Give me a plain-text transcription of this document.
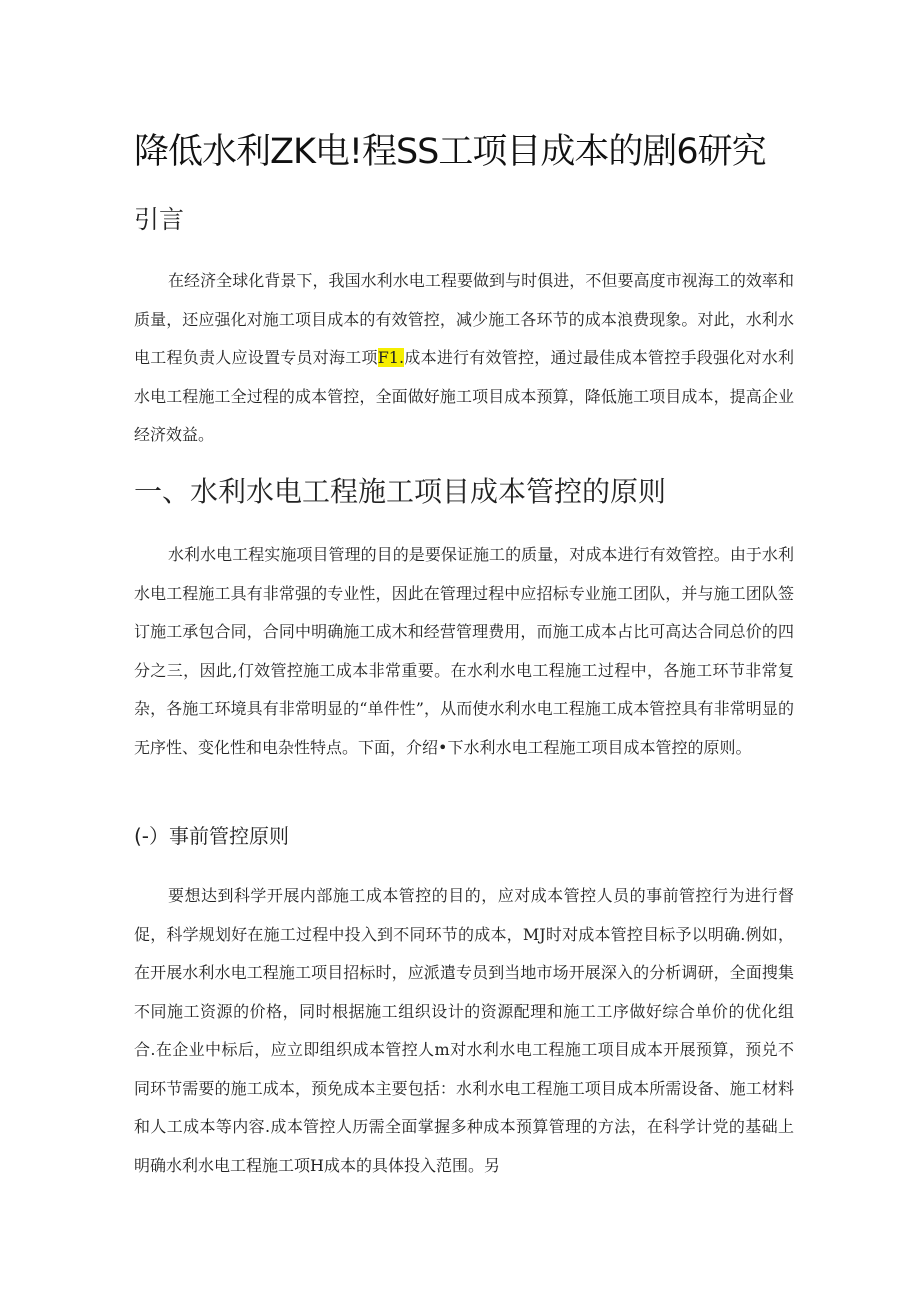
降低水利ZK电!程SS工项目成本的剧6研究
引言

在经济全球化背景下，我国水利水电工程要做到与时俱进，不但要高度市视海工的效率和质量，还应强化对施工项目成本的有效管控，减少施工各环节的成本浪费现象。对此，水利水电工程负责人应设置专员对海工项F1.成本进行有效管控，通过最佳成本管控手段强化对水利水电工程施工全过程的成本管控，全面做好施工项目成本预算，降低施工项目成本，提高企业经济效益。

一、水利水电工程施工项目成本管控的原则

水利水电工程实施项目管理的目的是要保证施工的质量，对成本进行有效管控。由于水利水电工程施工具有非常强的专业性，因此在管理过程中应招标专业施工团队，并与施工团队签订施工承包合同，合同中明确施工成木和经营管理费用，而施工成本占比可高达合同总价的四分之三，因此,仃效管控施工成本非常重要。在水利水电工程施工过程中，各施工环节非常复杂，各施工环境具有非常明显的“单件性”，从而使水利水电工程施工成本管控具有非常明显的无序性、变化性和电杂性特点。下面，介绍•下水利水电工程施工项目成本管控的原则。

(-）事前管控原则

要想达到科学开展内部施工成本管控的目的，应对成本管控人员的事前管控行为进行督促，科学规划好在施工过程中投入到不同环节的成本，MJ时对成本管控目标予以明确.例如，在开展水利水电工程施工项目招标时，应派遣专员到当地市场开展深入的分析调研，全面搜集不同施工资源的价格，同时根据施工组织设计的资源配理和施工工序做好综合单价的优化组合.在企业中标后，应立即组织成本管控人m对水利水电工程施工项目成本开展预算，预兑不同环节需要的施工成本，预免成本主要包括：水利水电工程施工项目成本所需设备、施工材料和人工成本等内容.成本管控人历需全面掌握多种成本预算管理的方法，在科学计党的基础上明确水利水电工程施工项H成本的具体投入范围。另
